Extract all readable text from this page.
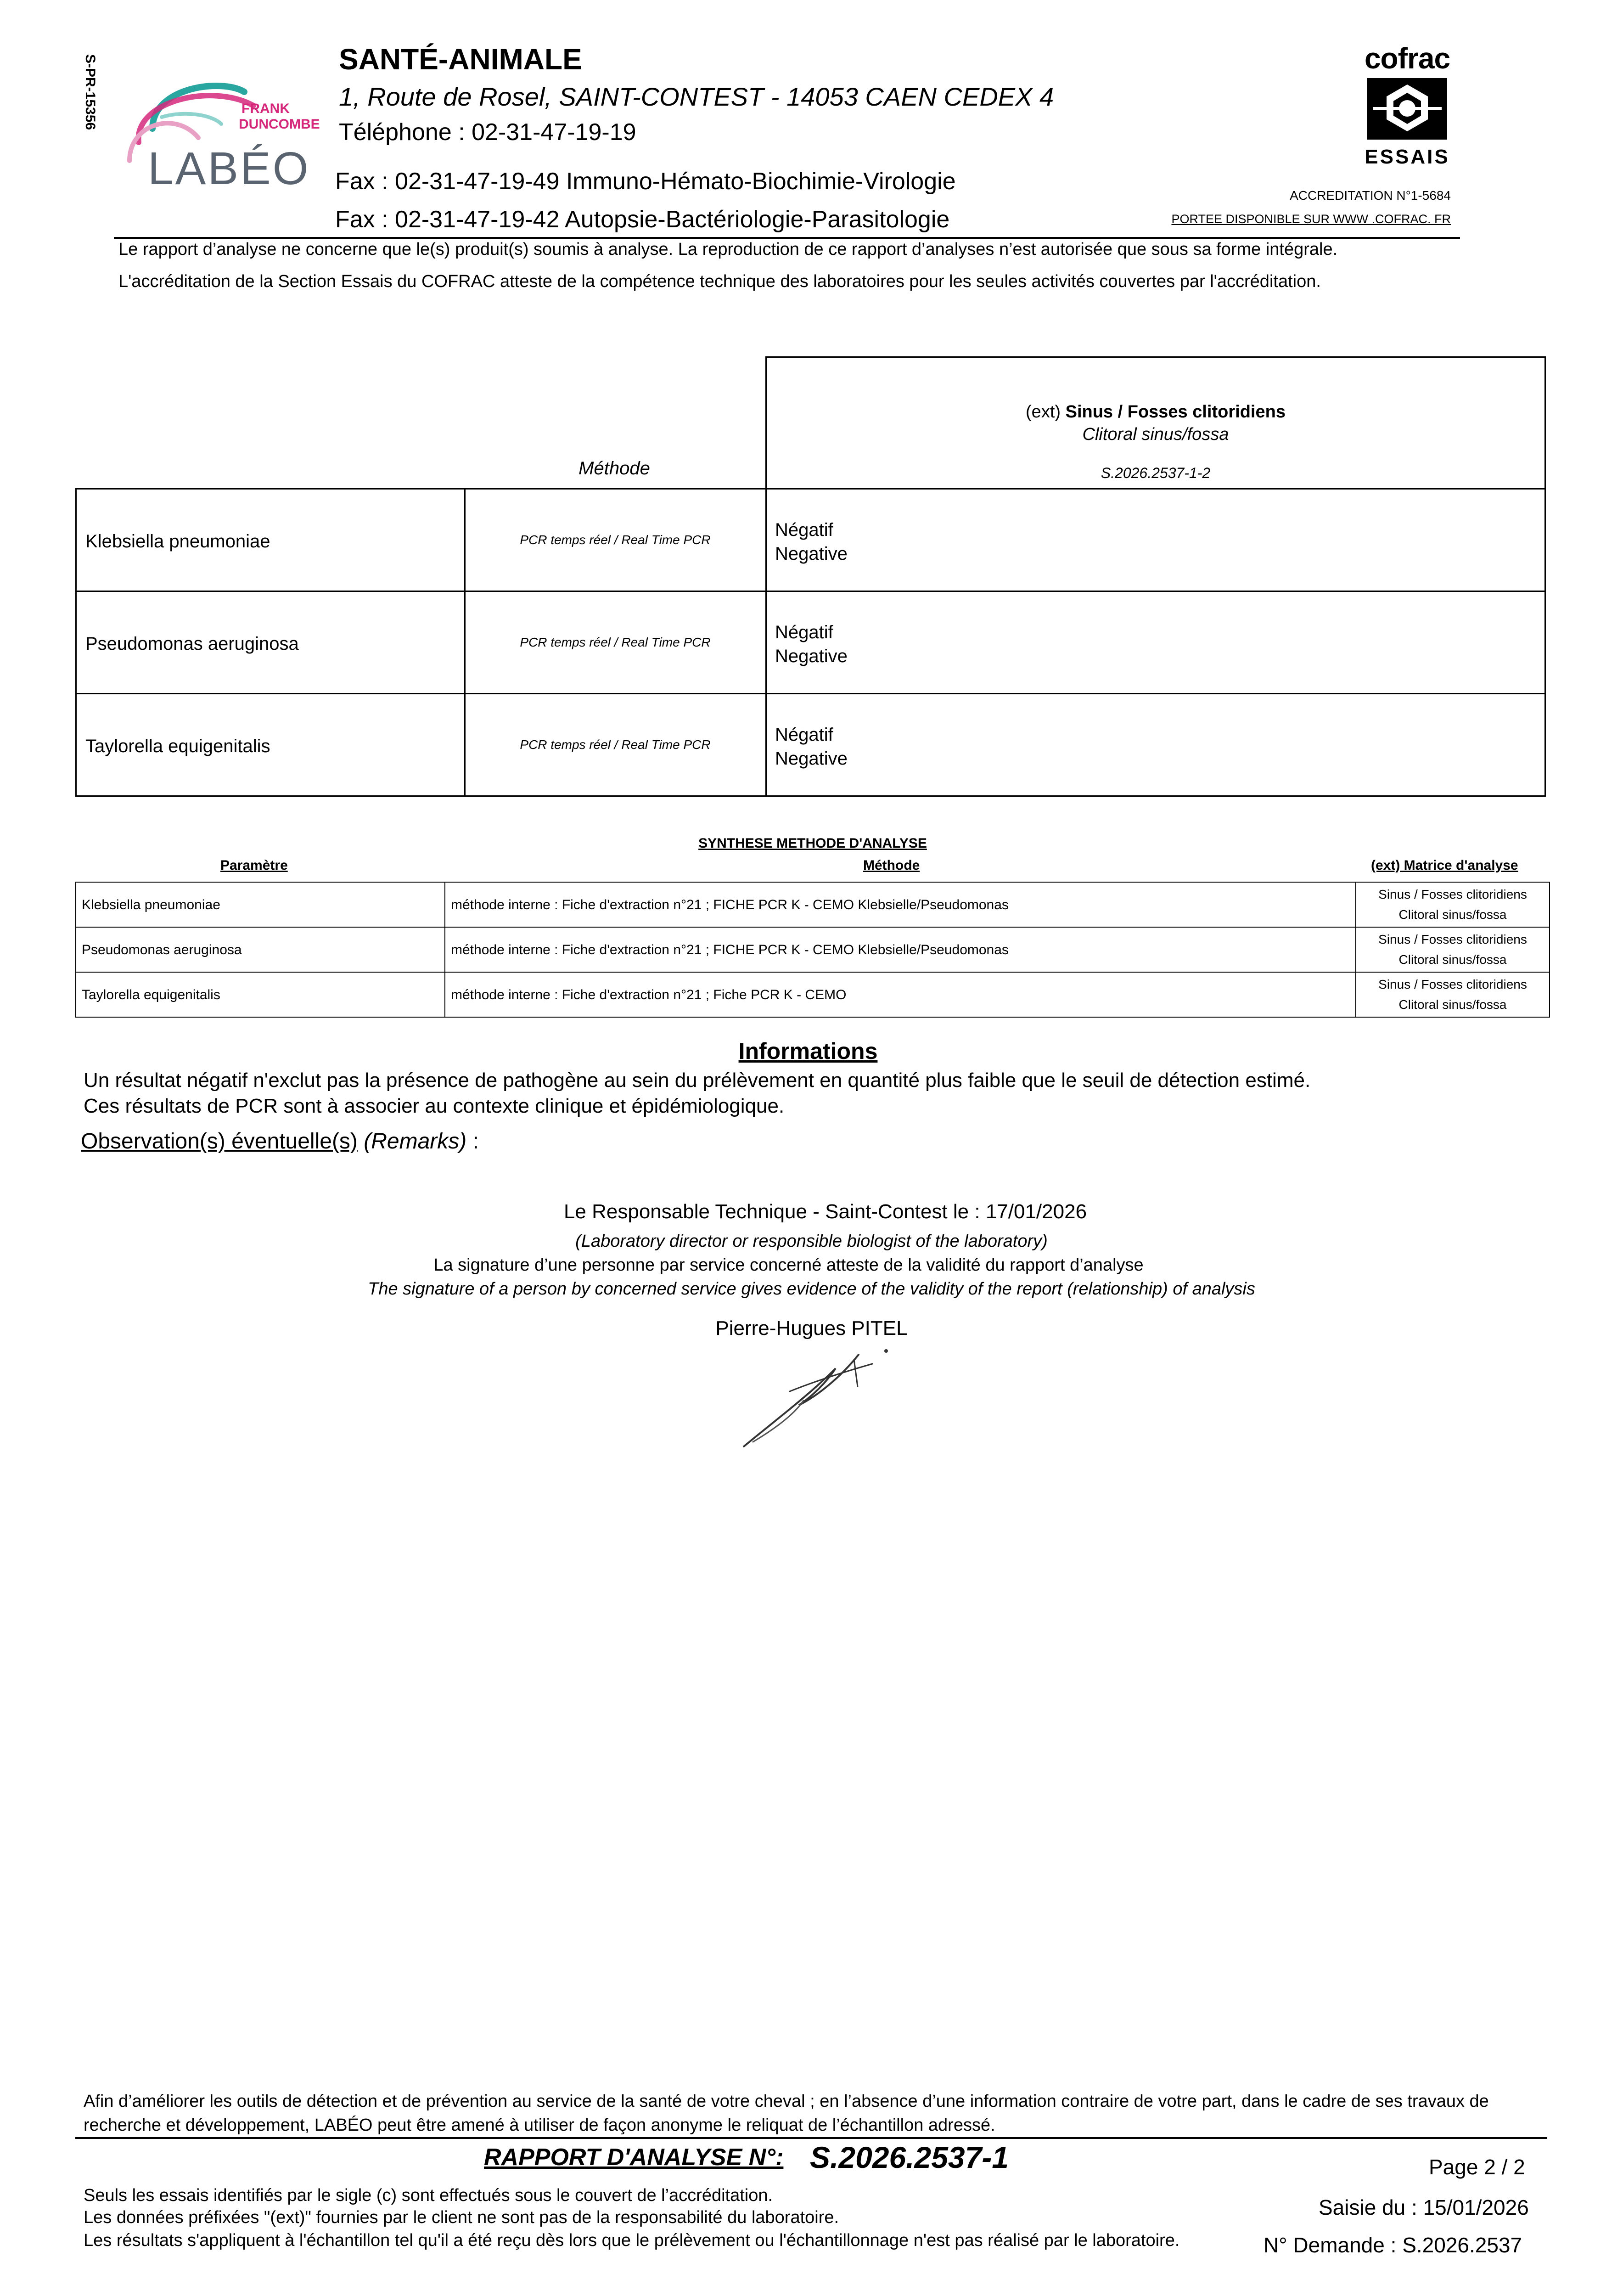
S-PR-15356	FRANK
DUNCOMBE
LABÉO
SANTÉ-ANIMALE
1, Route de Rosel, SAINT-CONTEST - 14053 CAEN CEDEX 4
Téléphone : 02-31-47-19-19
Fax : 02-31-47-19-49 Immuno-Hémato-Biochimie-Virologie
Fax : 02-31-47-19-42 Autopsie-Bactériologie-Parasitologie
cofrac
ESSAIS
ACCREDITATION N°1-5684
PORTEE DISPONIBLE SUR WWW .COFRAC. FR
Le rapport d’analyse ne concerne que le(s) produit(s) soumis à analyse. La reproduction de ce rapport d’analyses n’est autorisée que sous sa forme intégrale.
L'accréditation de la Section Essais du COFRAC atteste de la compétence technique des laboratoires pour les seules activités couvertes par l'accréditation.
Méthode
(ext) Sinus / Fosses clitoridiens
Clitoral sinus/fossa
S.2026.2537-1-2
Klebsiella pneumoniae	PCR temps réel / Real Time PCR	Négatif
Negative
Pseudomonas aeruginosa	PCR temps réel / Real Time PCR	Négatif
Negative
Taylorella equigenitalis	PCR temps réel / Real Time PCR	Négatif
Negative
SYNTHESE METHODE D'ANALYSE
Paramètre	Méthode	(ext) Matrice d'analyse
Klebsiella pneumoniae	méthode interne : Fiche d'extraction n°21 ; FICHE PCR K - CEMO Klebsielle/Pseudomonas
Sinus / Fosses clitoridiens
Clitoral sinus/fossa
Pseudomonas aeruginosa	méthode interne : Fiche d'extraction n°21 ; FICHE PCR K - CEMO Klebsielle/Pseudomonas
Sinus / Fosses clitoridiens
Clitoral sinus/fossa
Taylorella equigenitalis	méthode interne : Fiche d'extraction n°21 ; Fiche PCR K - CEMO
Sinus / Fosses clitoridiens
Clitoral sinus/fossa
Informations
Un résultat négatif n'exclut pas la présence de pathogène au sein du prélèvement en quantité plus faible que le seuil de détection estimé.
Ces résultats de PCR sont à associer au contexte clinique et épidémiologique.
Observation(s) éventuelle(s) (Remarks) :
Le Responsable Technique - Saint-Contest le : 17/01/2026
(Laboratory director or responsible biologist of the laboratory)
La signature d’une personne par service concerné atteste de la validité du rapport d’analyse
The signature of a person by concerned service gives evidence of the validity of the report (relationship) of analysis
Pierre-Hugues PITEL
Afin d’améliorer les outils de détection et de prévention au service de la santé de votre cheval ; en l’absence d’une information contraire de votre part, dans le cadre de ses travaux de recherche et développement, LABÉO peut être amené à utiliser de façon anonyme le reliquat de l’échantillon adressé.
RAPPORT D'ANALYSE N°: S.2026.2537-1	Page 2 / 2
Saisie du : 15/01/2026
N° Demande : S.2026.2537
Seuls les essais identifiés par le sigle (c) sont effectués sous le couvert de l’accréditation.
Les données préfixées "(ext)" fournies par le client ne sont pas de la responsabilité du laboratoire.
Les résultats s'appliquent à l'échantillon tel qu'il a été reçu dès lors que le prélèvement ou l'échantillonnage n'est pas réalisé par le laboratoire.
